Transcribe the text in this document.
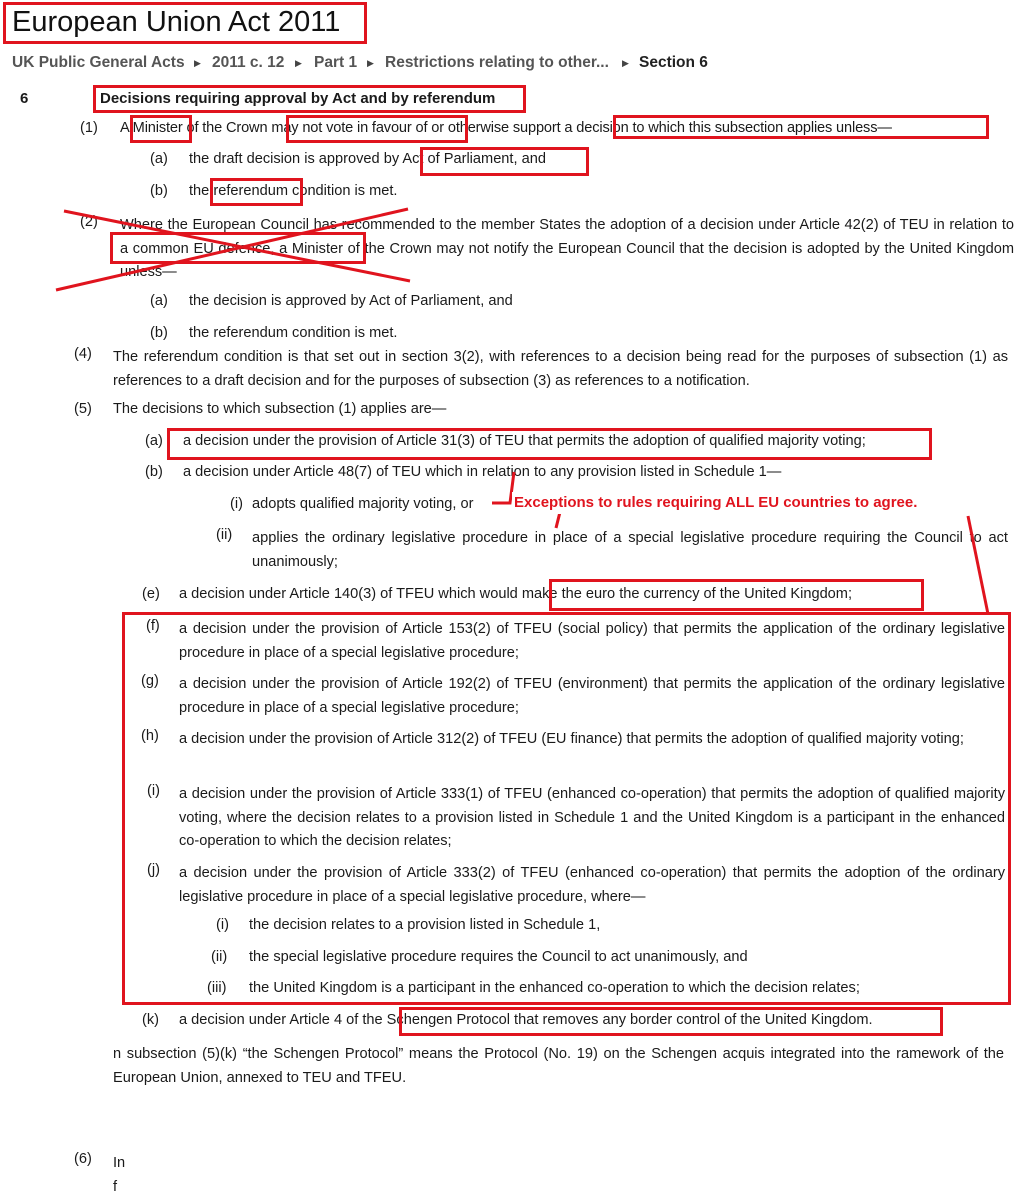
European Union Act 2011
UK Public General Acts ▶ 2011 c. 12 ▶ Part 1 ▶ Restrictions relating to other... ▶ Section 6
6	Decisions requiring approval by Act and by referendum
(1) A Minister of the Crown may not vote in favour of or otherwise support a decision to which this subsection applies unless—
(a) the draft decision is approved by Act of Parliament, and
(b) the referendum condition is met.
(2) Where the European Council has recommended to the member States the adoption of a decision under Article 42(2) of TEU in relation to a common EU defence, a Minister of the Crown may not notify the European Council that the decision is adopted by the United Kingdom unless—
(a) the decision is approved by Act of Parliament, and
(b) the referendum condition is met.
(4) The referendum condition is that set out in section 3(2), with references to a decision being read for the purposes of subsection (1) as references to a draft decision and for the purposes of subsection (3) as references to a notification.
(5) The decisions to which subsection (1) applies are—
(a) a decision under the provision of Article 31(3) of TEU that permits the adoption of qualified majority voting;
(b) a decision under Article 48(7) of TEU which in relation to any provision listed in Schedule 1—
(i) adopts qualified majority voting, or
(ii) applies the ordinary legislative procedure in place of a special legislative procedure requiring the Council to act unanimously;
(e) a decision under Article 140(3) of TFEU which would make the euro the currency of the United Kingdom;
(f) a decision under the provision of Article 153(2) of TFEU (social policy) that permits the application of the ordinary legislative procedure in place of a special legislative procedure;
(g) a decision under the provision of Article 192(2) of TFEU (environment) that permits the application of the ordinary legislative procedure in place of a special legislative procedure;
(h) a decision under the provision of Article 312(2) of TFEU (EU finance) that permits the adoption of qualified majority voting;
(i) a decision under the provision of Article 333(1) of TFEU (enhanced co-operation) that permits the adoption of qualified majority voting, where the decision relates to a provision listed in Schedule 1 and the United Kingdom is a participant in the enhanced co-operation to which the decision relates;
(j) a decision under the provision of Article 333(2) of TFEU (enhanced co-operation) that permits the adoption of the ordinary legislative procedure in place of a special legislative procedure, where—
(i) the decision relates to a provision listed in Schedule 1,
(ii) the special legislative procedure requires the Council to act unanimously, and
(iii) the United Kingdom is a participant in the enhanced co-operation to which the decision relates;
(k) a decision under Article 4 of the Schengen Protocol that removes any border control of the United Kingdom.
n subsection (5)(k) “the Schengen Protocol” means the Protocol (No. 19) on the Schengen acquis integrated into the ramework of the European Union, annexed to TEU and TFEU.
(6) In f
Exceptions to rules requiring ALL EU countries to agree.
